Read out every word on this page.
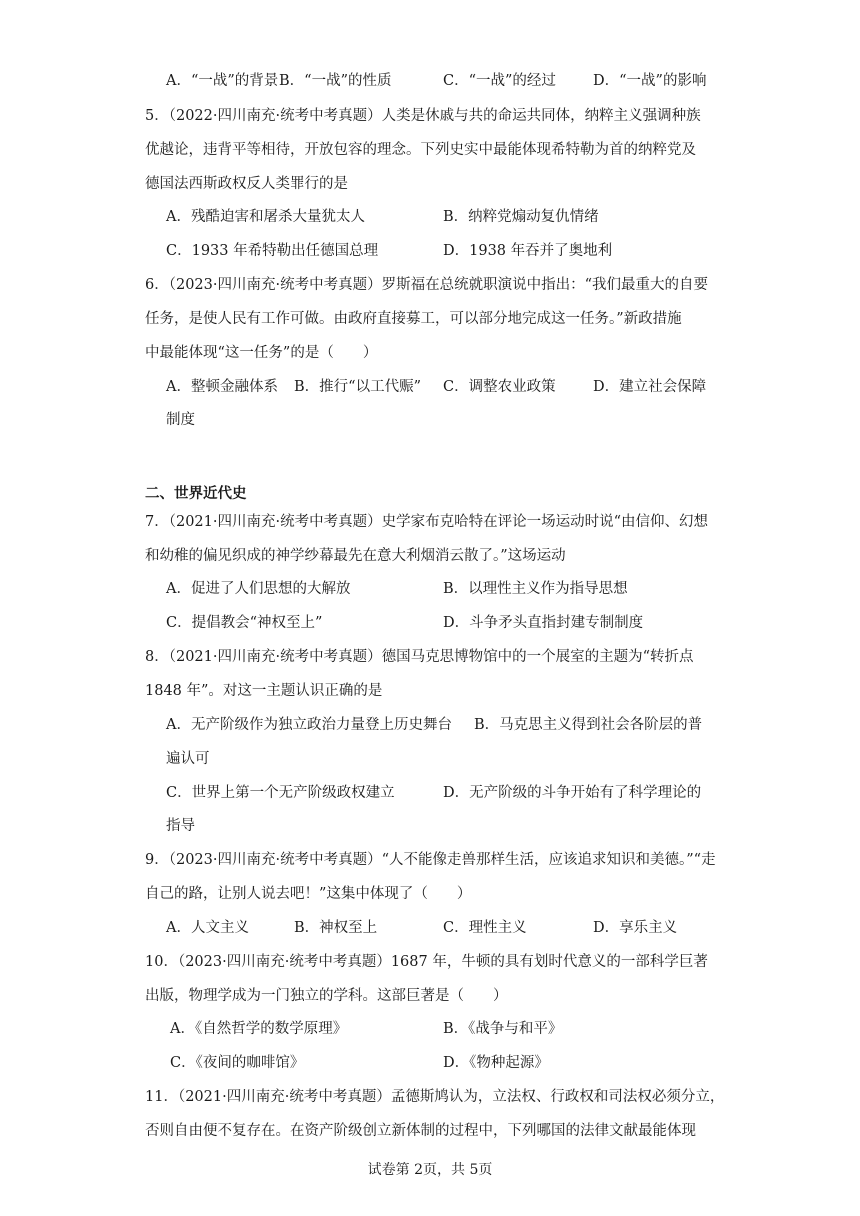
A．“一战”的背景 B．“一战”的性质	C．“一战”的经过	D．“一战”的影响
5．（2022·四川南充·统考中考真题）人类是休戚与共的命运共同体，纳粹主义强调种族
优越论，违背平等相待，开放包容的理念。下列史实中最能体现希特勒为首的纳粹党及
德国法西斯政权反人类罪行的是
A．残酷迫害和屠杀大量犹太人	B．纳粹党煽动复仇情绪
C．1933 年希特勒出任德国总理	D．1938 年吞并了奥地利
6．（2023·四川南充·统考中考真题）罗斯福在总统就职演说中指出：“我们最重大的自要
任务，是使人民有工作可做。由政府直接募工，可以部分地完成这一任务。”新政措施
中最能体现“这一任务”的是（　　）
A．整顿金融体系 B．推行“以工代赈” C．调整农业政策	D．建立社会保障
制度
二、世界近代史
7．（2021·四川南充·统考中考真题）史学家布克哈特在评论一场运动时说“由信仰、幻想
和幼稚的偏见织成的神学纱幕最先在意大利烟消云散了。”这场运动
A．促进了人们思想的大解放	B．以理性主义作为指导思想
C．提倡教会“神权至上”	D．斗争矛头直指封建专制制度
8．（2021·四川南充·统考中考真题）德国马克思博物馆中的一个展室的主题为“转折点
1848 年”。对这一主题认识正确的是
A．无产阶级作为独立政治力量登上历史舞台 B．马克思主义得到社会各阶层的普
遍认可
C．世界上第一个无产阶级政权建立	D．无产阶级的斗争开始有了科学理论的
指导
9．（2023·四川南充·统考中考真题）“人不能像走兽那样生活，应该追求知识和美德。”“走
自己的路，让别人说去吧！”这集中体现了（　　）
A．人文主义	B．神权至上	C．理性主义	D．享乐主义
10．（2023·四川南充·统考中考真题）1687 年，牛顿的具有划时代意义的一部科学巨著
出版，物理学成为一门独立的学科。这部巨著是（　　）
A．《自然哲学的数学原理》	B．《战争与和平》
C．《夜间的咖啡馆》	D．《物种起源》
11．（2021·四川南充·统考中考真题）孟德斯鸠认为，立法权、行政权和司法权必须分立，
否则自由便不复存在。在资产阶级创立新体制的过程中，下列哪国的法律文献最能体现
试卷第 2页，共 5页
